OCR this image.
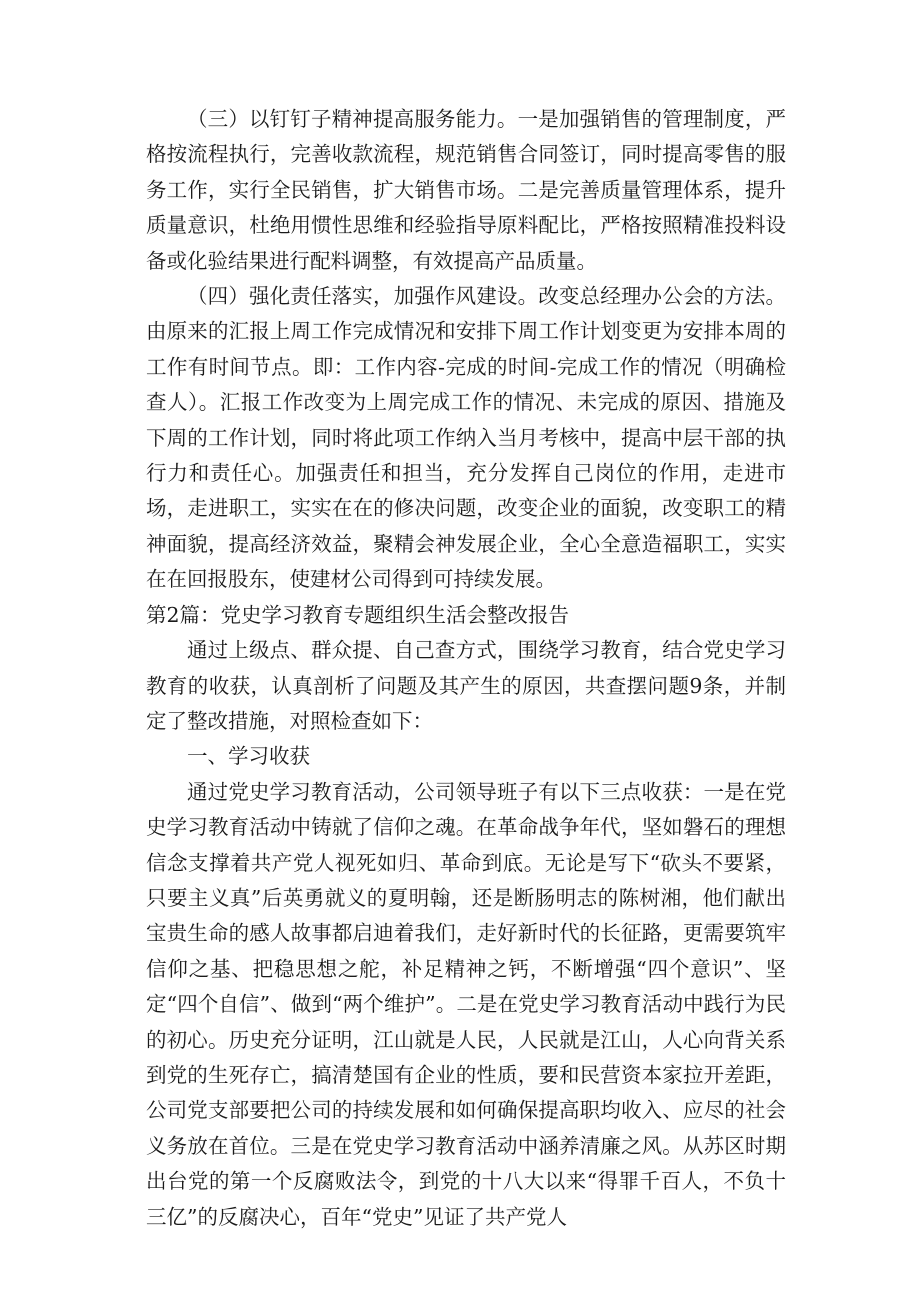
（三）以钉钉子精神提高服务能力。一是加强销售的管理制度，严格按流程执行，完善收款流程，规范销售合同签订，同时提高零售的服务工作，实行全民销售，扩大销售市场。二是完善质量管理体系，提升质量意识，杜绝用惯性思维和经验指导原料配比，严格按照精准投料设备或化验结果进行配料调整，有效提高产品质量。

（四）强化责任落实，加强作风建设。改变总经理办公会的方法。由原来的汇报上周工作完成情况和安排下周工作计划变更为安排本周的工作有时间节点。即：工作内容-完成的时间-完成工作的情况（明确检查人）。汇报工作改变为上周完成工作的情况、未完成的原因、措施及下周的工作计划，同时将此项工作纳入当月考核中，提高中层干部的执行力和责任心。加强责任和担当，充分发挥自己岗位的作用，走进市场，走进职工，实实在在的修决问题，改变企业的面貌，改变职工的精神面貌，提高经济效益，聚精会神发展企业，全心全意造福职工，实实在在回报股东，使建材公司得到可持续发展。

第2篇：党史学习教育专题组织生活会整改报告

通过上级点、群众提、自己查方式，围绕学习教育，结合党史学习教育的收获，认真剖析了问题及其产生的原因，共查摆问题9条，并制定了整改措施，对照检查如下：

一、学习收获

通过党史学习教育活动，公司领导班子有以下三点收获：一是在党史学习教育活动中铸就了信仰之魂。在革命战争年代，坚如磐石的理想信念支撑着共产党人视死如归、革命到底。无论是写下“砍头不要紧，只要主义真”后英勇就义的夏明翰，还是断肠明志的陈树湘，他们献出宝贵生命的感人故事都启迪着我们，走好新时代的长征路，更需要筑牢信仰之基、把稳思想之舵，补足精神之钙，不断增强“四个意识”、坚定“四个自信”、做到“两个维护”。二是在党史学习教育活动中践行为民的初心。历史充分证明，江山就是人民，人民就是江山，人心向背关系到党的生死存亡，搞清楚国有企业的性质，要和民营资本家拉开差距，公司党支部要把公司的持续发展和如何确保提高职均收入、应尽的社会义务放在首位。三是在党史学习教育活动中涵养清廉之风。从苏区时期出台党的第一个反腐败法令，到党的十八大以来“得罪千百人，不负十三亿”的反腐决心，百年“党史”见证了共产党人
